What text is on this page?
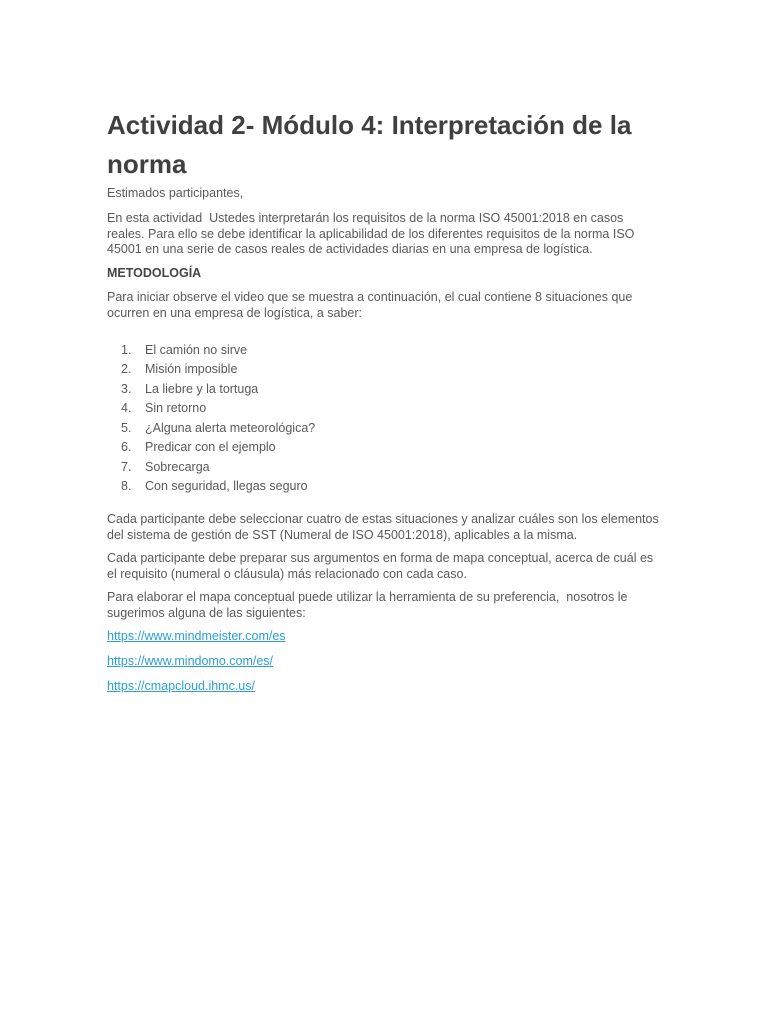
Actividad 2- Módulo 4: Interpretación de la norma

Estimados participantes,

En esta actividad  Ustedes interpretarán los requisitos de la norma ISO 45001:2018 en casos reales. Para ello se debe identificar la aplicabilidad de los diferentes requisitos de la norma ISO 45001 en una serie de casos reales de actividades diarias en una empresa de logística.

METODOLOGÍA

Para iniciar observe el video que se muestra a continuación, el cual contiene 8 situaciones que ocurren en una empresa de logística, a saber:

1. El camión no sirve
2. Misión imposible
3. La liebre y la tortuga
4. Sin retorno
5. ¿Alguna alerta meteorológica?
6. Predicar con el ejemplo
7. Sobrecarga
8. Con seguridad, llegas seguro

Cada participante debe seleccionar cuatro de estas situaciones y analizar cuáles son los elementos del sistema de gestión de SST (Numeral de ISO 45001:2018), aplicables a la misma.

Cada participante debe preparar sus argumentos en forma de mapa conceptual, acerca de cuál es el requisito (numeral o cláusula) más relacionado con cada caso.

Para elaborar el mapa conceptual puede utilizar la herramienta de su preferencia,  nosotros le sugerimos alguna de las siguientes:

https://www.mindmeister.com/es
https://www.mindomo.com/es/
https://cmapcloud.ihmc.us/
